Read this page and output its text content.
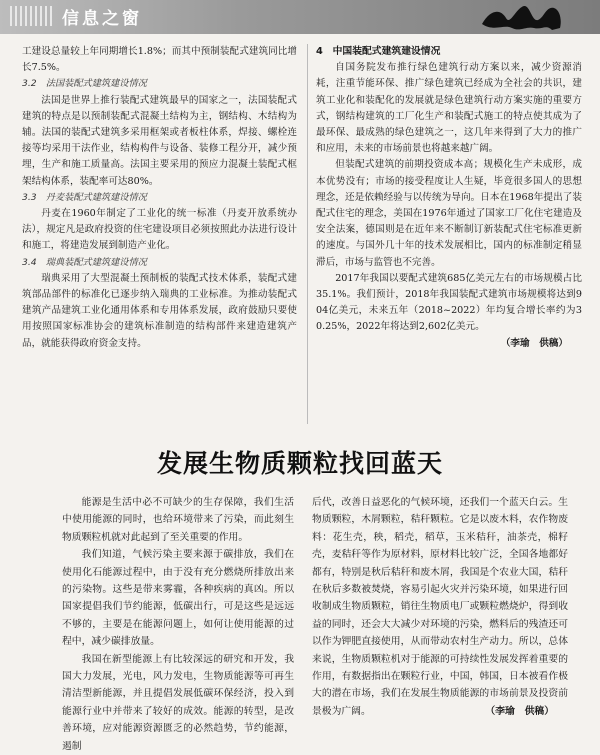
信息之窗

工建设总量较上年同期增长1.8%；而其中预制装配式建筑同比增长7.5%。

3.2　法国装配式建筑建设情况

法国是世界上推行装配式建筑最早的国家之一，法国装配式建筑的特点是以预制装配式混凝土结构为主，钢结构、木结构为辅。法国的装配式建筑多采用框架或者板柱体系，焊接、螺栓连接等均采用干法作业，结构构件与设备、装修工程分开，减少预埋，生产和施工质量高。法国主要采用的预应力混凝土装配式框架结构体系，装配率可达80%。

3.3　丹麦装配式建筑建设情况

丹麦在1960年制定了工业化的统一标准（丹麦开放系统办法），规定凡是政府投资的住宅建设项目必须按照此办法进行设计和施工，将建造发展到制造产业化。

3.4　瑞典装配式建筑建设情况

瑞典采用了大型混凝土预制板的装配式技术体系，装配式建筑部品部件的标准化已逐步纳入瑞典的工业标准。为推动装配式建筑产品建筑工业化通用体系和专用体系发展，政府鼓励只要使用按照国家标准协会的建筑标准制造的结构部件来建造建筑产品，就能获得政府资金支持。

4　中国装配式建筑建设情况

自国务院发布推行绿色建筑行动方案以来，减少资源消耗，注重节能环保、推广绿色建筑已经成为全社会的共识，建筑工业化和装配化的发展就是绿色建筑行动方案实施的重要方式，钢结构建筑的工厂化生产和装配式施工的特点使其成为了最环保、最成熟的绿色建筑之一，这几年来得到了大力的推广和应用，未来的市场前景也将越来越广阔。

但装配式建筑的前期投资成本高；规模化生产未成形，成本优势没有；市场的接受程度让人生疑，毕竟很多国人的思想理念，还是依赖经验与以传统为导向。日本在1968年提出了装配式住宅的理念，美国在1976年通过了国家工厂化住宅建造及安全法案，德国则是在近年来不断制订新装配式住宅标准更新的速度。与国外几十年的技术发展相比，国内的标准制定稍显滞后，市场与监管也不完善。

2017年我国以要配式建筑685亿美元左右的市场规模占比35.1%。我们预计，2018年我国装配式建筑市场规模将达到904亿美元，未来五年（2018~2022）年均复合增长率约为30.25%，2022年将达到2,602亿美元。

（李瑜　供稿）

发展生物质颗粒找回蓝天

能源是生活中必不可缺少的生存保障，我们生活中使用能源的同时，也给环境带来了污染，而此刻生物质颗粒机就对此起到了至关重要的作用。

我们知道，气候污染主要来源于碳排放，我们在使用化石能源过程中，由于没有充分燃烧所排放出来的污染物。这些是带来雾霾，各种疾病的真凶。所以国家提倡我们节约能源，低碳出行，可是这些是远远不够的，主要是在能源问题上，如何让使用能源的过程中，减少碳排放量。

我国在新型能源上有比较深远的研究和开发，我国大力发展，光电，风力发电，生物质能源等可再生清洁型新能源，并且提倡发展低碳环保经济，投入到能源行业中并带来了较好的成效。能源的转型，是改善环境，应对能源资源匮乏的必然趋势，节约能源，遏制

后代，改善日益恶化的气候环境，还我们一个蓝天白云。生物质颗粒，木屑颗粒，秸秆颗粒。它是以废木料，农作物废料：花生壳，秧，稻壳，稻草，玉米秸秆，油茶壳，棉籽壳，麦秸秆等作为原材料，原材料比较广泛，全国各地都好都有，特别是秋后秸秆和废木屑，我国是个农业大国，秸秆在秋后多数被焚烧，容易引起火灾并污染环境，如果进行回收制成生物质颗粒，销往生物质电厂或颗粒燃烧炉，得到收益的同时，还会大大减少对环境的污染，燃料后的残渣还可以作为钾肥直接使用，从而带动农村生产动力。所以，总体来说，生物质颗粒机对于能源的可持续性发展发挥着重要的作用，有数据指出在颗粒行业，中国，韩国，日本被看作极大的潜在市场，我们在发展生物质能源的市场前景及投资前景极为广阔。	（李瑜　供稿）
